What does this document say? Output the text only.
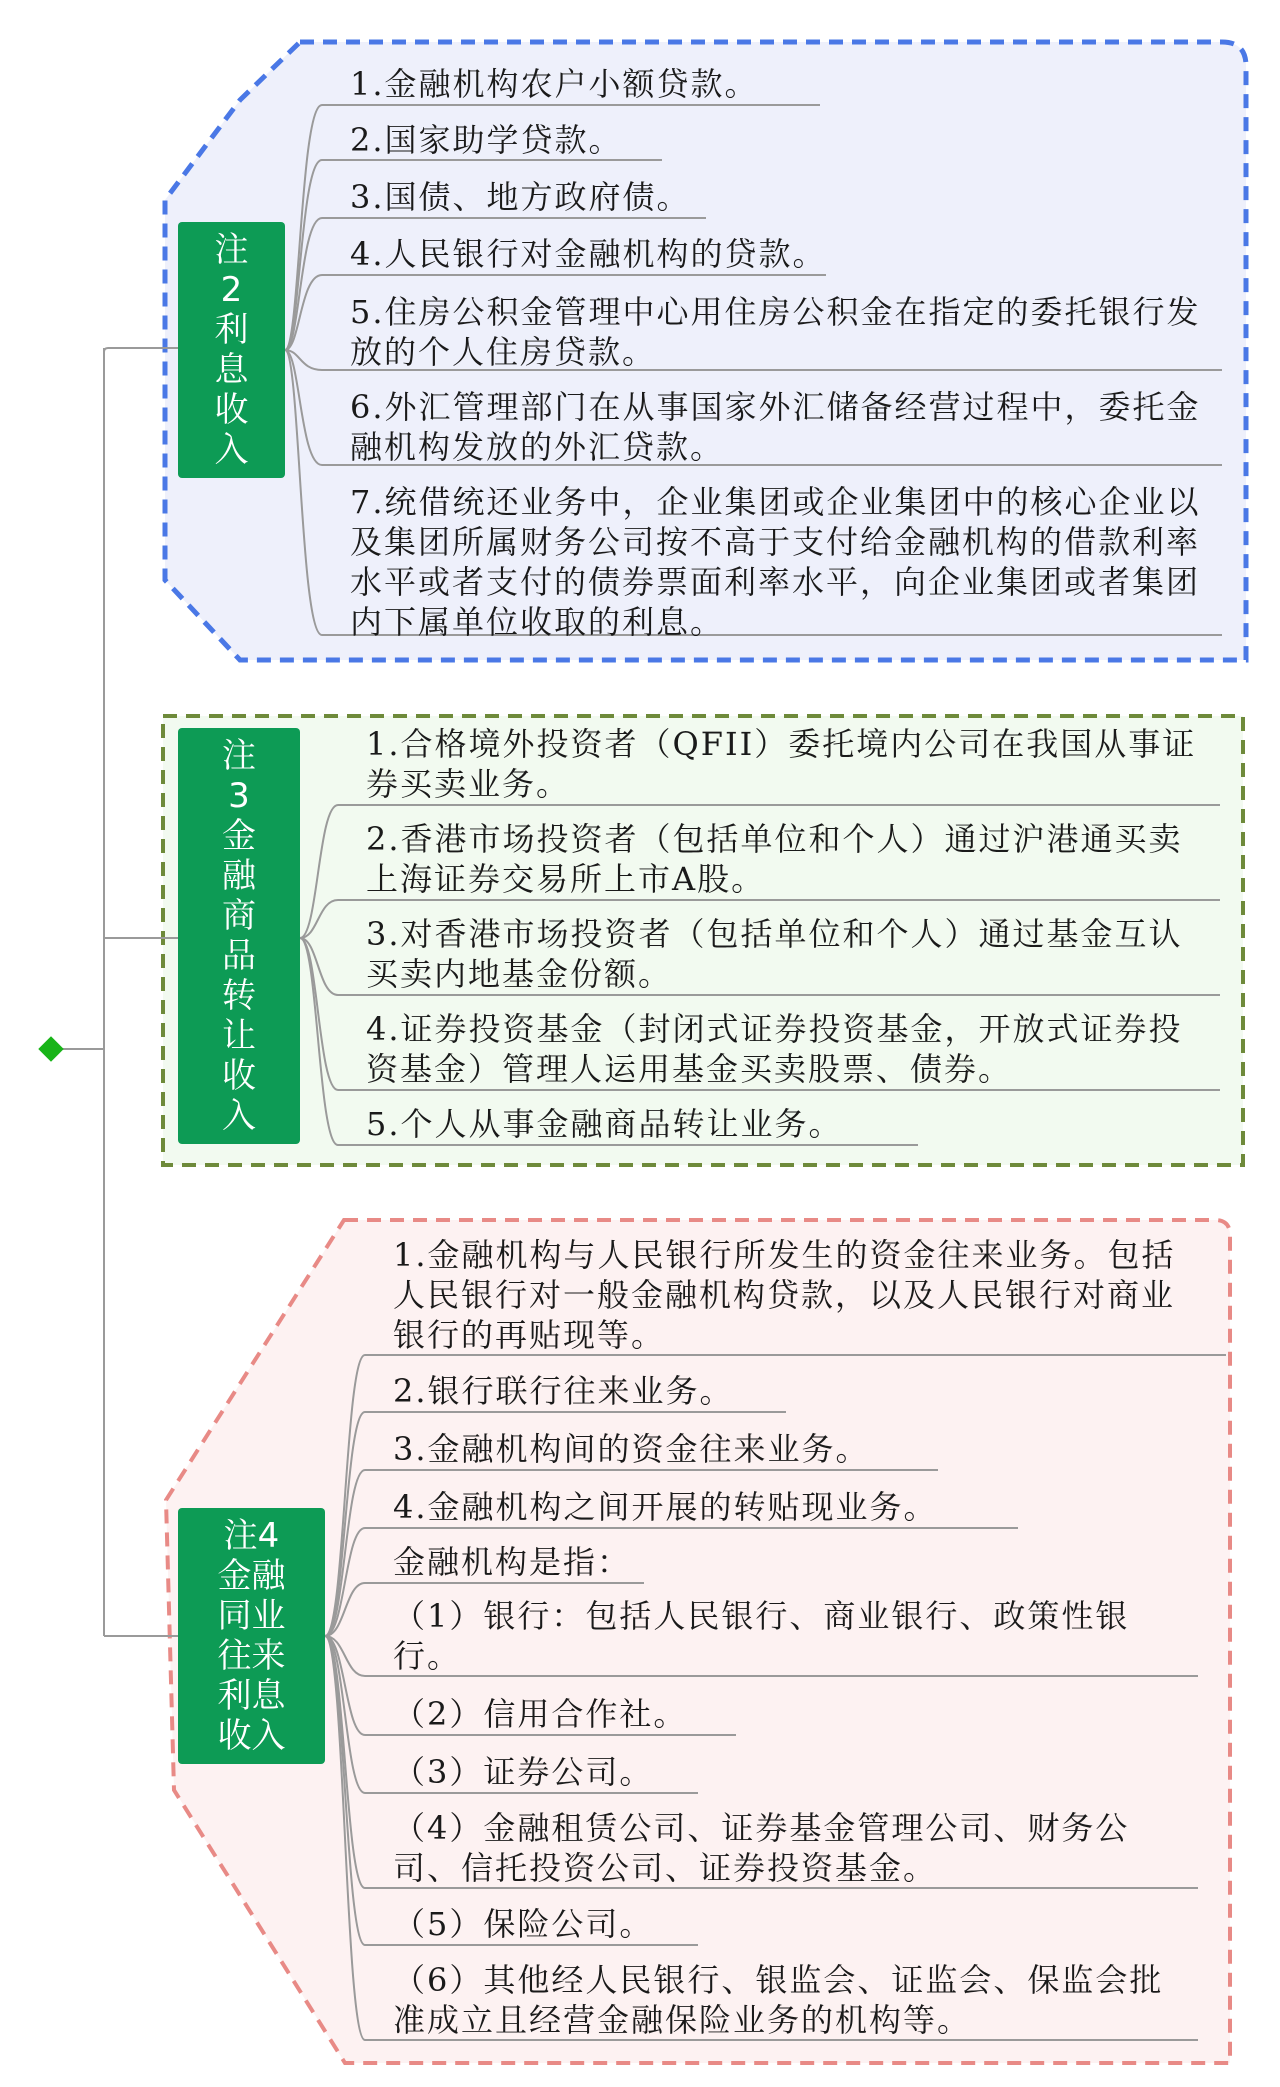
注2利息收入
1.金融机构农户小额贷款。
2.国家助学贷款。
3.国债、地方政府债。
4.人民银行对金融机构的贷款。
5.住房公积金管理中心用住房公积金在指定的委托银行发放的个人住房贷款。
6.外汇管理部门在从事国家外汇储备经营过程中，委托金融机构发放的外汇贷款。
7.统借统还业务中，企业集团或企业集团中的核心企业以及集团所属财务公司按不高于支付给金融机构的借款利率水平或者支付的债券票面利率水平，向企业集团或者集团内下属单位收取的利息。
注3金融商品转让收入
1.合格境外投资者（QFII）委托境内公司在我国从事证券买卖业务。
2.香港市场投资者（包括单位和个人）通过沪港通买卖上海证券交易所上市A股。
3.对香港市场投资者（包括单位和个人）通过基金互认买卖内地基金份额。
4.证券投资基金（封闭式证券投资基金，开放式证券投资基金）管理人运用基金买卖股票、债券。
5.个人从事金融商品转让业务。
注4金融同业往来利息收入
1.金融机构与人民银行所发生的资金往来业务。包括人民银行对一般金融机构贷款，以及人民银行对商业银行的再贴现等。
2.银行联行往来业务。
3.金融机构间的资金往来业务。
4.金融机构之间开展的转贴现业务。
金融机构是指：
（1）银行：包括人民银行、商业银行、政策性银行。
（2）信用合作社。
（3）证券公司。
（4）金融租赁公司、证券基金管理公司、财务公司、信托投资公司、证券投资基金。
（5）保险公司。
（6）其他经人民银行、银监会、证监会、保监会批准成立且经营金融保险业务的机构等。
